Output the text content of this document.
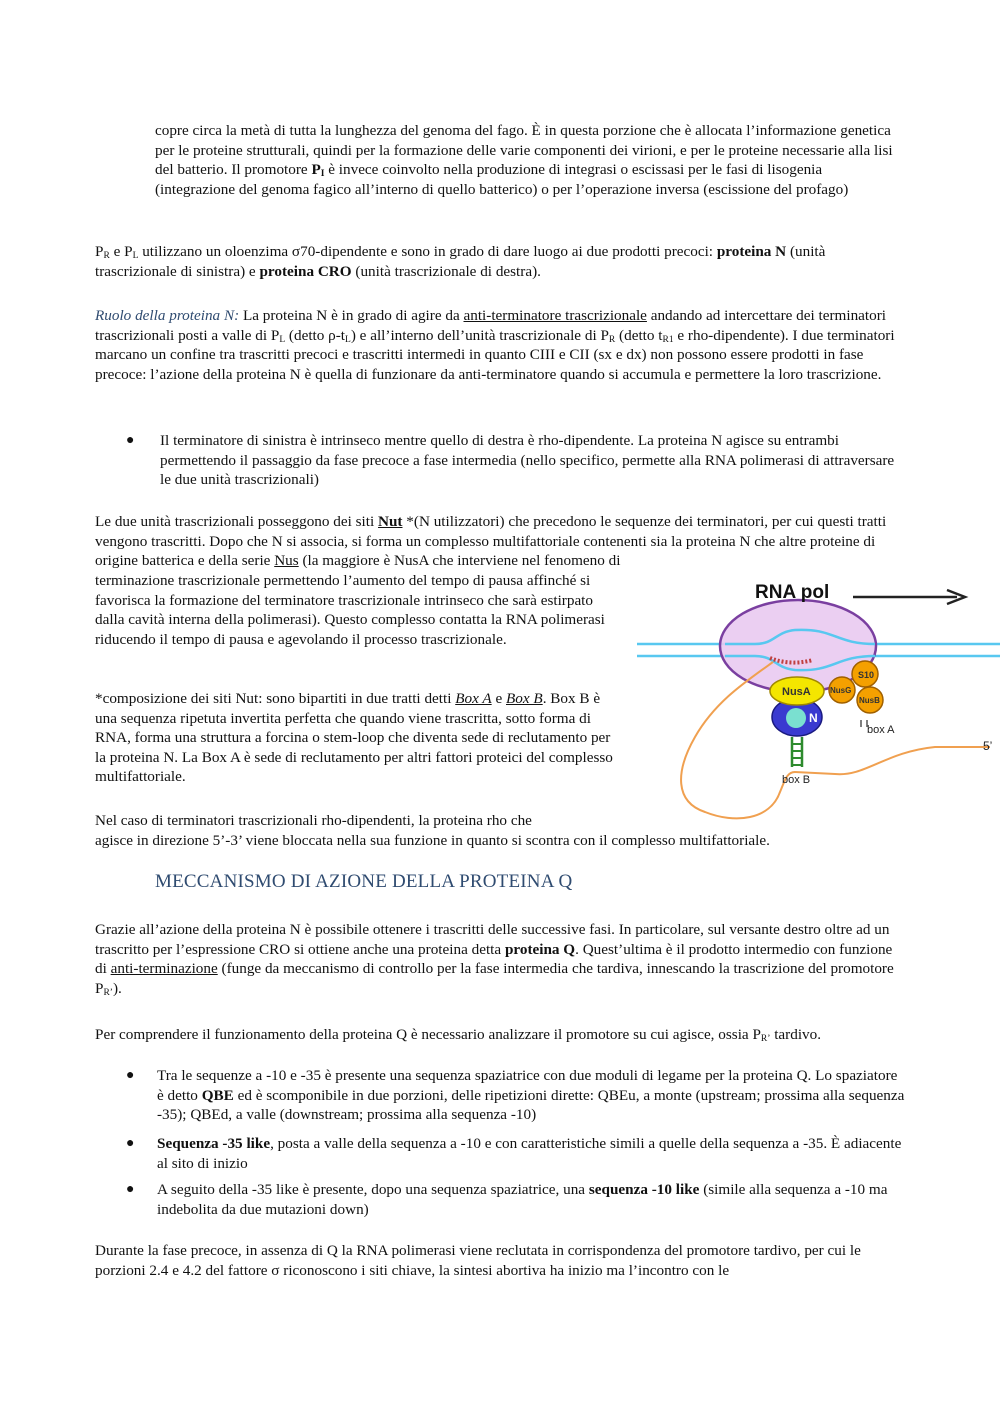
copre circa la metà di tutta la lunghezza del genoma del fago. È in questa porzione che è allocata l’informazione genetica per le proteine strutturali, quindi per la formazione delle varie componenti dei virioni, e per le proteine necessarie alla lisi del batterio. Il promotore $P_I$ è invece coinvolto nella produzione di integrasi o escissasi per le fasi di lisogenia (integrazione del genoma fagico all’interno di quello batterico) o per l’operazione inversa (escissione del profago)

$P_R$ e $P_L$ utilizzano un oloenzima σ70-dipendente e sono in grado di dare luogo ai due prodotti precoci: proteina N (unità trascrizionale di sinistra) e proteina CRO (unità trascrizionale di destra).

Ruolo della proteina N: La proteina N è in grado di agire da anti-terminatore trascrizionale andando ad intercettare dei terminatori trascrizionali posti a valle di $P_L$ (detto $\rho-t_L$) e all’interno dell’unità trascrizionale di $P_R$ (detto $t_{R1}$ e rho-dipendente). I due terminatori marcano un confine tra trascritti precoci e trascritti intermedi in quanto CIII e CII (sx e dx) non possono essere prodotti in fase precoce: l’azione della proteina N è quella di funzionare da anti-terminatore quando si accumula e permettere la loro trascrizione.

● Il terminatore di sinistra è intrinseco mentre quello di destra è rho-dipendente. La proteina N agisce su entrambi permettendo il passaggio da fase precoce a fase intermedia (nello specifico, permette alla RNA polimerasi di attraversare le due unità trascrizionali)

Le due unità trascrizionali posseggono dei siti Nut *(N utilizzatori) che precedono le sequenze dei terminatori, per cui questi tratti vengono trascritti. Dopo che N si associa, si forma un complesso multifattoriale contenenti sia la proteina N che altre proteine di origine batterica e della serie Nus (la maggiore è NusA che interviene nel fenomeno di

terminazione trascrizionale permettendo l’aumento del tempo di pausa affinché si favorisca la formazione del terminatore trascrizionale intrinseco che sarà estirpato dalla cavità interna della polimerasi). Questo complesso contatta la RNA polimerasi riducendo il tempo di pausa e agevolando il processo trascrizionale.

*composizione dei siti Nut: sono bipartiti in due tratti detti Box A e Box B. Box B è una sequenza ripetuta invertita perfetta che quando viene trascritta, sotto forma di RNA, forma una struttura a forcina o stem-loop che diventa sede di reclutamento per la proteina N. La Box A è sede di reclutamento per altri fattori proteici del complesso multifattoriale.

Nel caso di terminatori trascrizionali rho-dipendenti, la proteina rho che
agisce in direzione 5’-3’ viene bloccata nella sua funzione in quanto si scontra con il complesso multifattoriale.

MECCANISMO DI AZIONE DELLA PROTEINA Q

Grazie all’azione della proteina N è possibile ottenere i trascritti delle successive fasi. In particolare, sul versante destro oltre ad un trascritto per l’espressione CRO si ottiene anche una proteina detta proteina Q. Quest’ultima è il prodotto intermedio con funzione di anti-terminazione (funge da meccanismo di controllo per la fase intermedia che tardiva, innescando la trascrizione del promotore $P_{R’}$).

Per comprendere il funzionamento della proteina Q è necessario analizzare il promotore su cui agisce, ossia $P_{R’}$ tardivo.

● Tra le sequenze a -10 e -35 è presente una sequenza spaziatrice con due moduli di legame per la proteina Q. Lo spaziatore è detto QBE ed è scomponibile in due porzioni, delle ripetizioni dirette: QBEu, a monte (upstream; prossima alla sequenza -35); QBEd, a valle (downstream; prossima alla sequenza -10)

● Sequenza -35 like, posta a valle della sequenza a -10 e con caratteristiche simili a quelle della sequenza a -35. È adiacente al sito di inizio

● A seguito della -35 like è presente, dopo una sequenza spaziatrice, una sequenza -10 like (simile alla sequenza a -10 ma indebolita da due mutazioni down)

Durante la fase precoce, in assenza di Q la RNA polimerasi viene reclutata in corrispondenza del promotore tardivo, per cui le porzioni 2.4 e 4.2 del fattore σ riconoscono i siti chiave, la sintesi abortiva ha inizio ma l’incontro con le

RNA pol
N
NusA NusG
S10
NusB
box A
box B
5’
